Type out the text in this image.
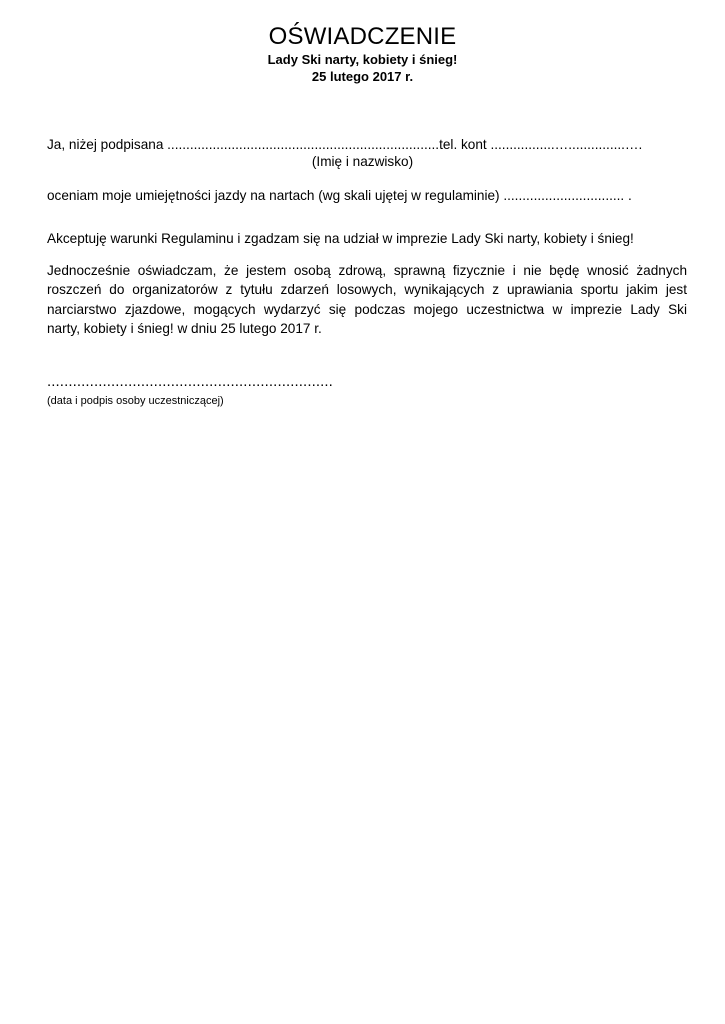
OŚWIADCZENIE
Lady Ski narty, kobiety i śnieg!
25 lutego 2017 r.
Ja, niżej podpisana ........................................................................tel. kont .................…...............….
(Imię i nazwisko)
oceniam moje umiejętności jazdy na nartach (wg skali ujętej w regulaminie) ................................ .
Akceptuję warunki Regulaminu i zgadzam się na udział w imprezie Lady Ski narty, kobiety i śnieg!
Jednocześnie oświadczam, że jestem osobą zdrową, sprawną fizycznie i nie będę wnosić żadnych
roszczeń do organizatorów z tytułu zdarzeń losowych, wynikających z uprawiania sportu jakim jest
narciarstwo zjazdowe, mogących wydarzyć się podczas mojego uczestnictwa w imprezie Lady Ski
narty, kobiety i śnieg! w dniu 25 lutego 2017 r.
...................................................................
(data i podpis osoby uczestniczącej)
